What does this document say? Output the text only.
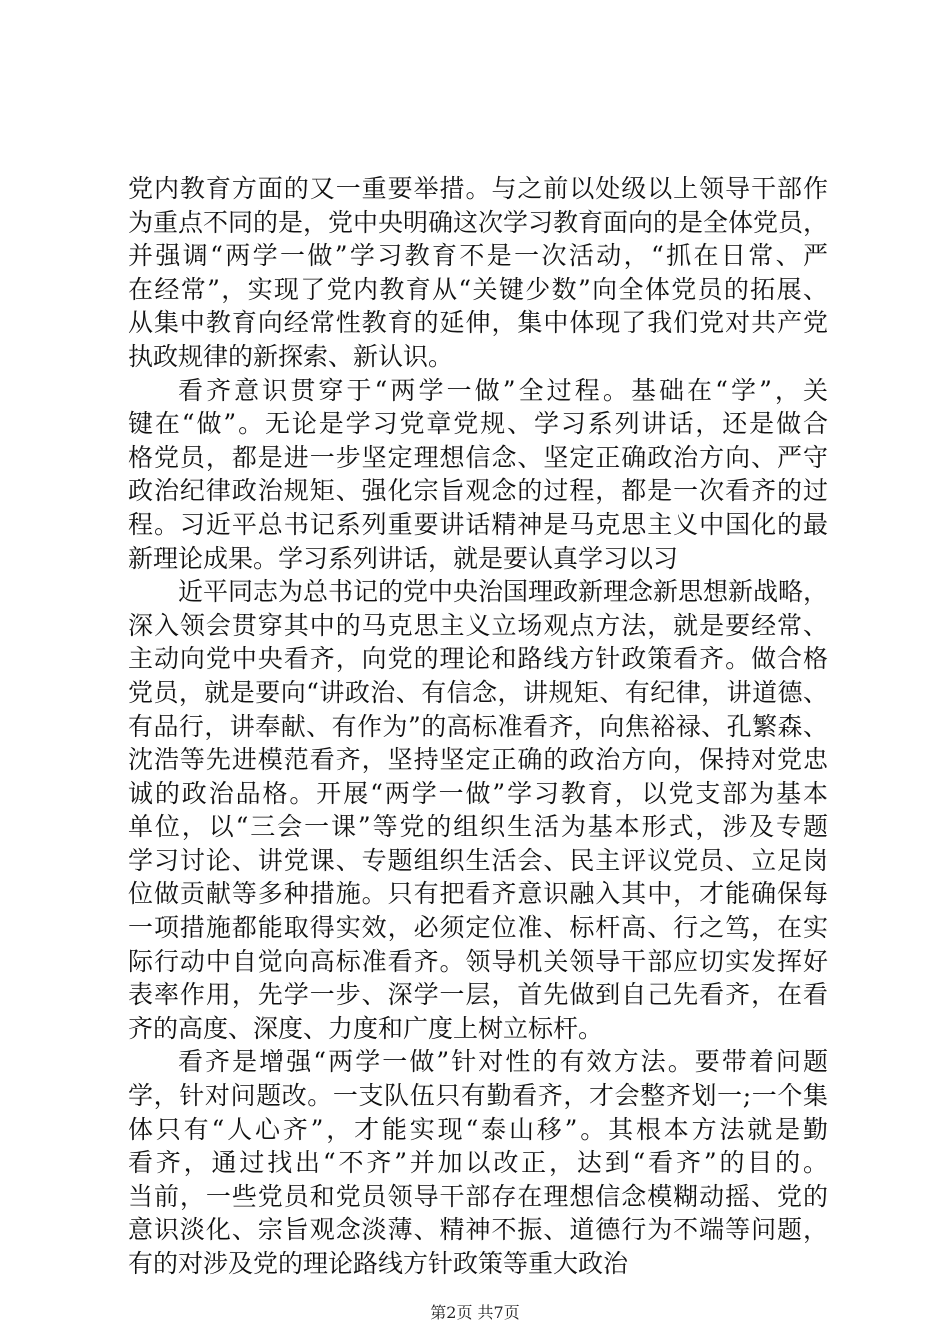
党内教育方面的又一重要举措。与之前以处级以上领导干部作
为重点不同的是，党中央明确这次学习教育面向的是全体党员，
并强调“两学一做”学习教育不是一次活动，“抓在日常、严
在经常”，实现了党内教育从“关键少数”向全体党员的拓展、
从集中教育向经常性教育的延伸，集中体现了我们党对共产党
执政规律的新探索、新认识。
看齐意识贯穿于“两学一做”全过程。基础在“学”，关
键在“做”。无论是学习党章党规、学习系列讲话，还是做合
格党员，都是进一步坚定理想信念、坚定正确政治方向、严守
政治纪律政治规矩、强化宗旨观念的过程，都是一次看齐的过
程。习近平总书记系列重要讲话精神是马克思主义中国化的最
新理论成果。学习系列讲话，就是要认真学习以习
近平同志为总书记的党中央治国理政新理念新思想新战略，
深入领会贯穿其中的马克思主义立场观点方法，就是要经常、
主动向党中央看齐，向党的理论和路线方针政策看齐。做合格
党员，就是要向“讲政治、有信念，讲规矩、有纪律，讲道德、
有品行，讲奉献、有作为”的高标准看齐，向焦裕禄、孔繁森、
沈浩等先进模范看齐，坚持坚定正确的政治方向，保持对党忠
诚的政治品格。开展“两学一做”学习教育，以党支部为基本
单位，以“三会一课”等党的组织生活为基本形式，涉及专题
学习讨论、讲党课、专题组织生活会、民主评议党员、立足岗
位做贡献等多种措施。只有把看齐意识融入其中，才能确保每
一项措施都能取得实效，必须定位准、标杆高、行之笃，在实
际行动中自觉向高标准看齐。领导机关领导干部应切实发挥好
表率作用，先学一步、深学一层，首先做到自己先看齐，在看
齐的高度、深度、力度和广度上树立标杆。
看齐是增强“两学一做”针对性的有效方法。要带着问题
学，针对问题改。一支队伍只有勤看齐，才会整齐划一;一个集
体只有“人心齐”，才能实现“泰山移”。其根本方法就是勤
看齐，通过找出“不齐”并加以改正，达到“看齐”的目的。
当前，一些党员和党员领导干部存在理想信念模糊动摇、党的
意识淡化、宗旨观念淡薄、精神不振、道德行为不端等问题，
有的对涉及党的理论路线方针政策等重大政治
第2页 共7页
